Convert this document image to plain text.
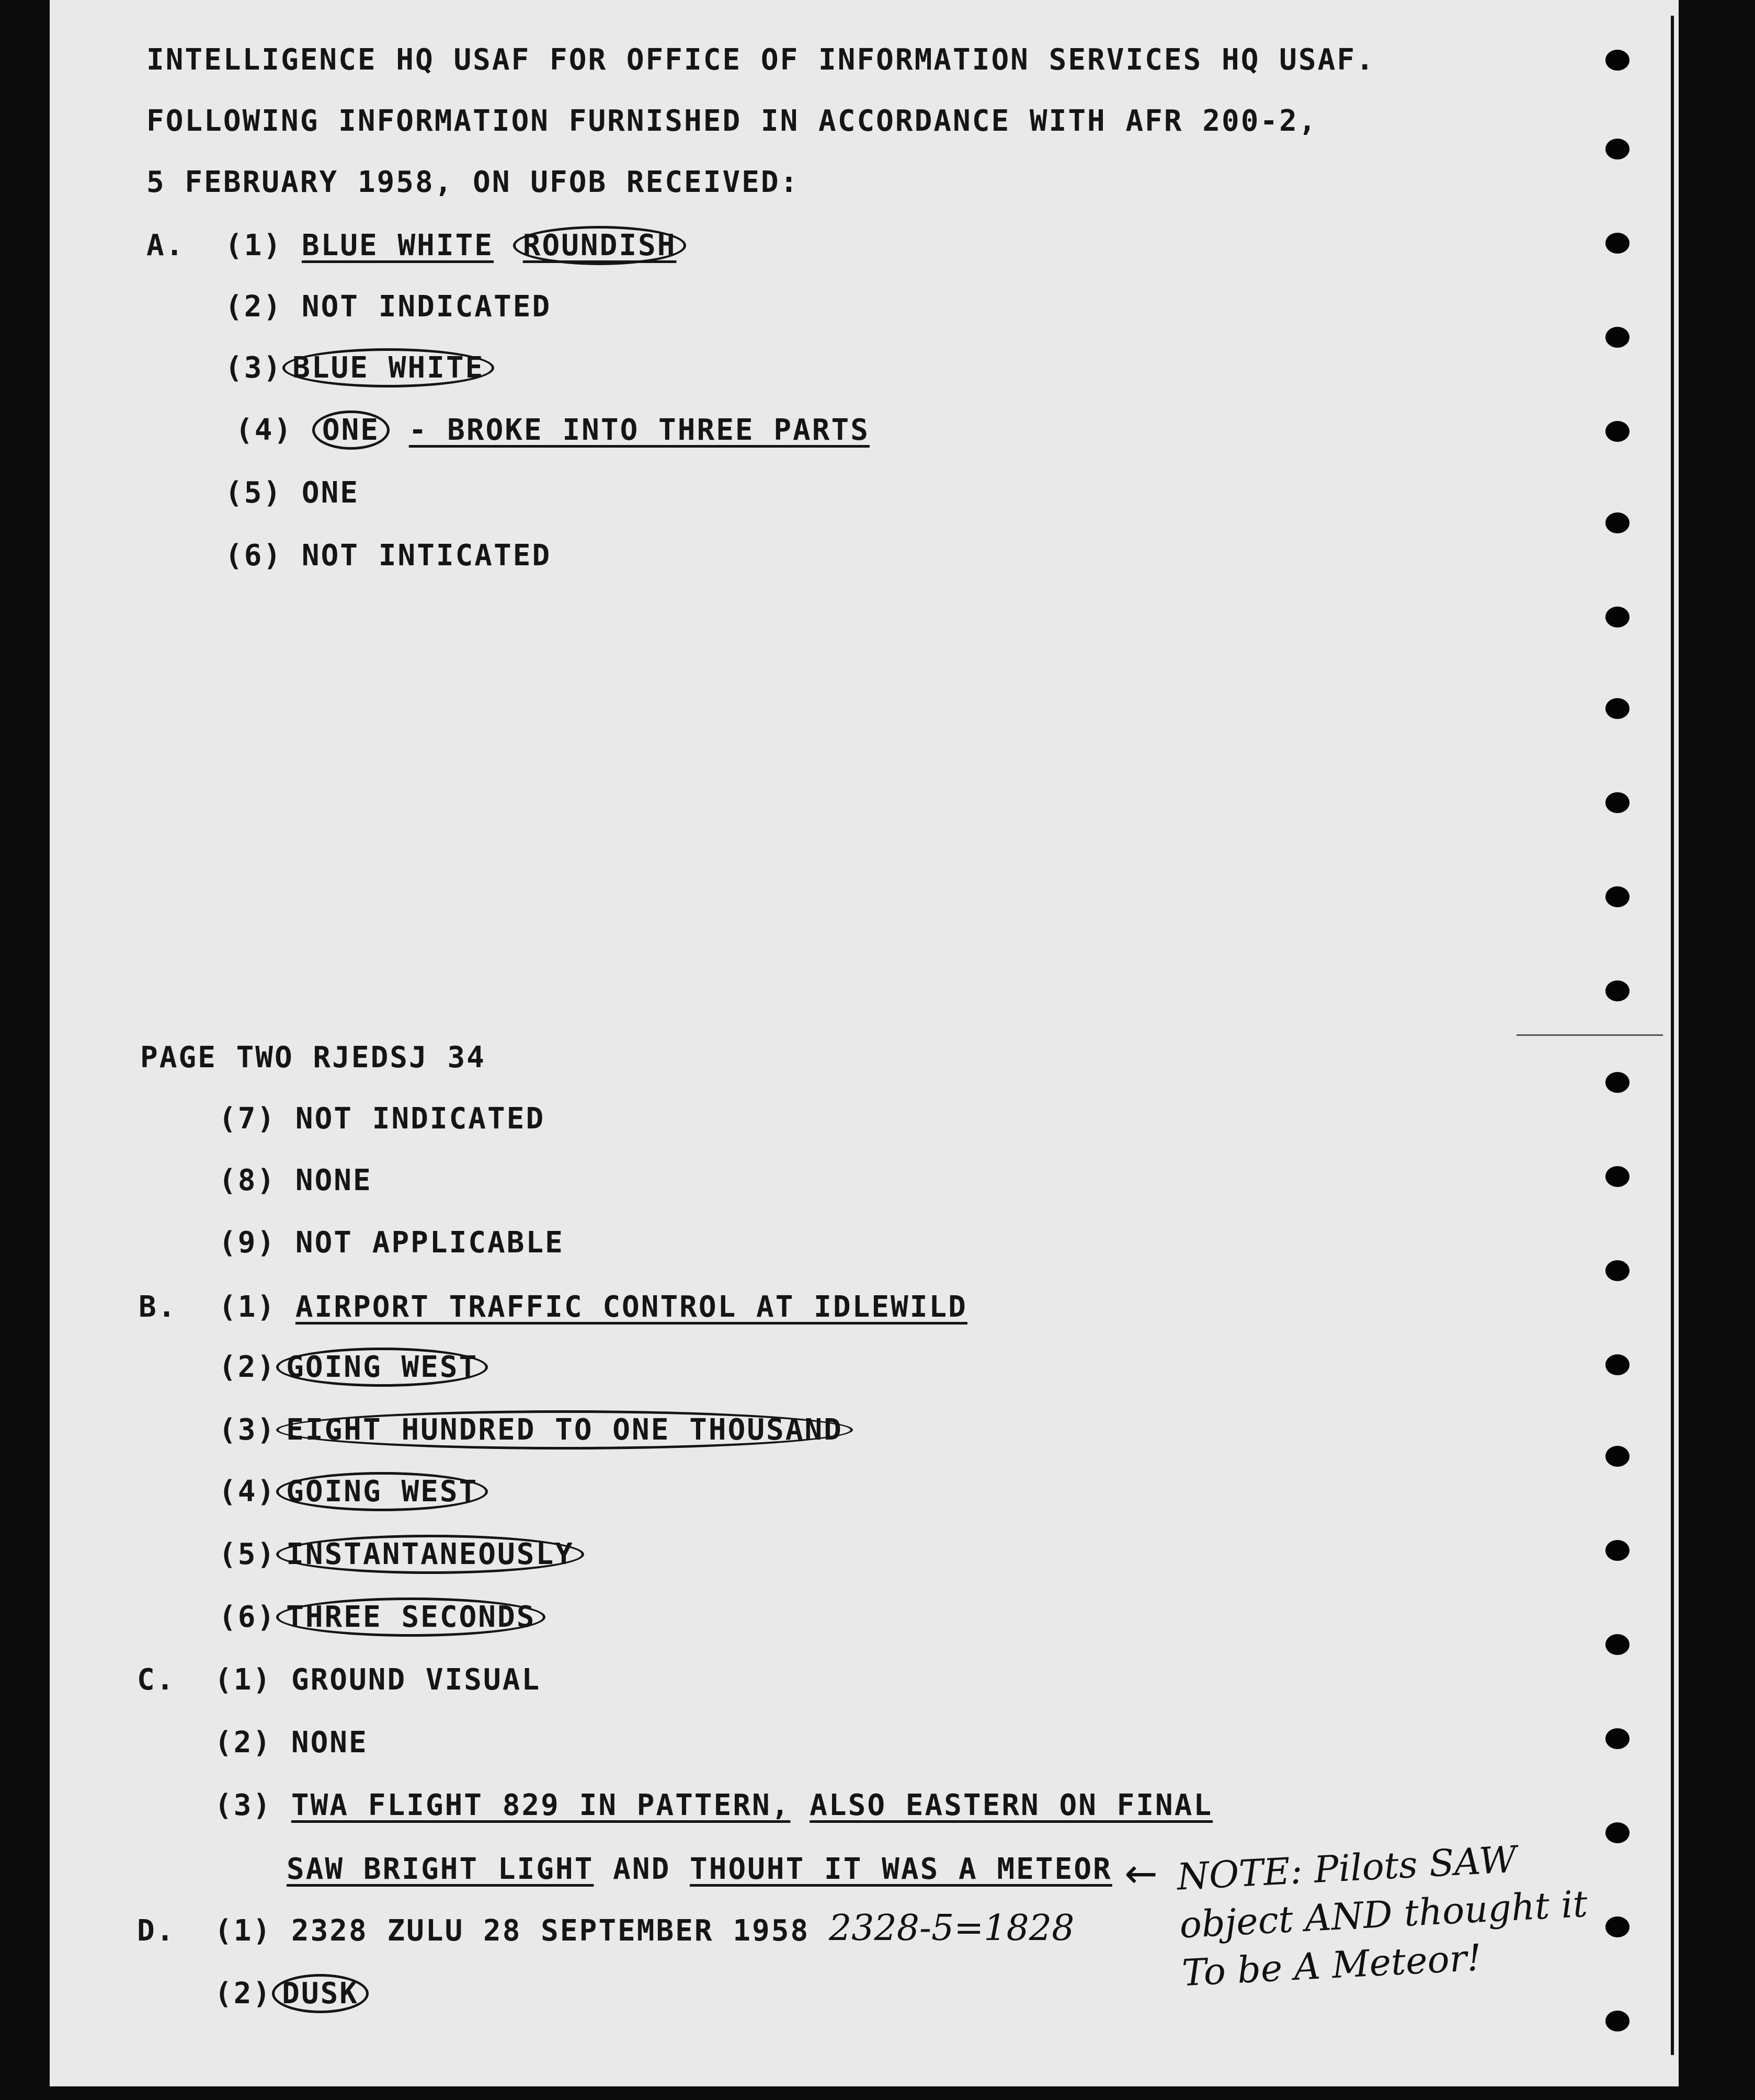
INTELLIGENCE HQ USAF FOR OFFICE OF INFORMATION SERVICES HQ USAF.
FOLLOWING INFORMATION FURNISHED IN ACCORDANCE WITH AFR 200-2,
5 FEBRUARY 1958, ON UFOB RECEIVED:
A. (1) BLUE WHITE ROUNDISH
(2) NOT INDICATED
(3) BLUE WHITE
(4) ONE - BROKE INTO THREE PARTS
(5) ONE
(6) NOT INTICATED
PAGE TWO RJEDSJ 34
(7) NOT INDICATED
(8) NONE
(9) NOT APPLICABLE
B. (1) AIRPORT TRAFFIC CONTROL AT IDLEWILD
(2) GOING WEST
(3) EIGHT HUNDRED TO ONE THOUSAND
(4) GOING WEST
(5) INSTANTANEOUSLY
(6) THREE SECONDS
C. (1) GROUND VISUAL
(2) NONE
(3) TWA FLIGHT 829 IN PATTERN, ALSO EASTERN ON FINAL
SAW BRIGHT LIGHT AND THOUHT IT WAS A METEOR
D. (1) 2328 ZULU 28 SEPTEMBER 1958
(2) DUSK
2328-5=1828
← NOTE: Pilots SAW
object AND thought it
To be A Meteor!
